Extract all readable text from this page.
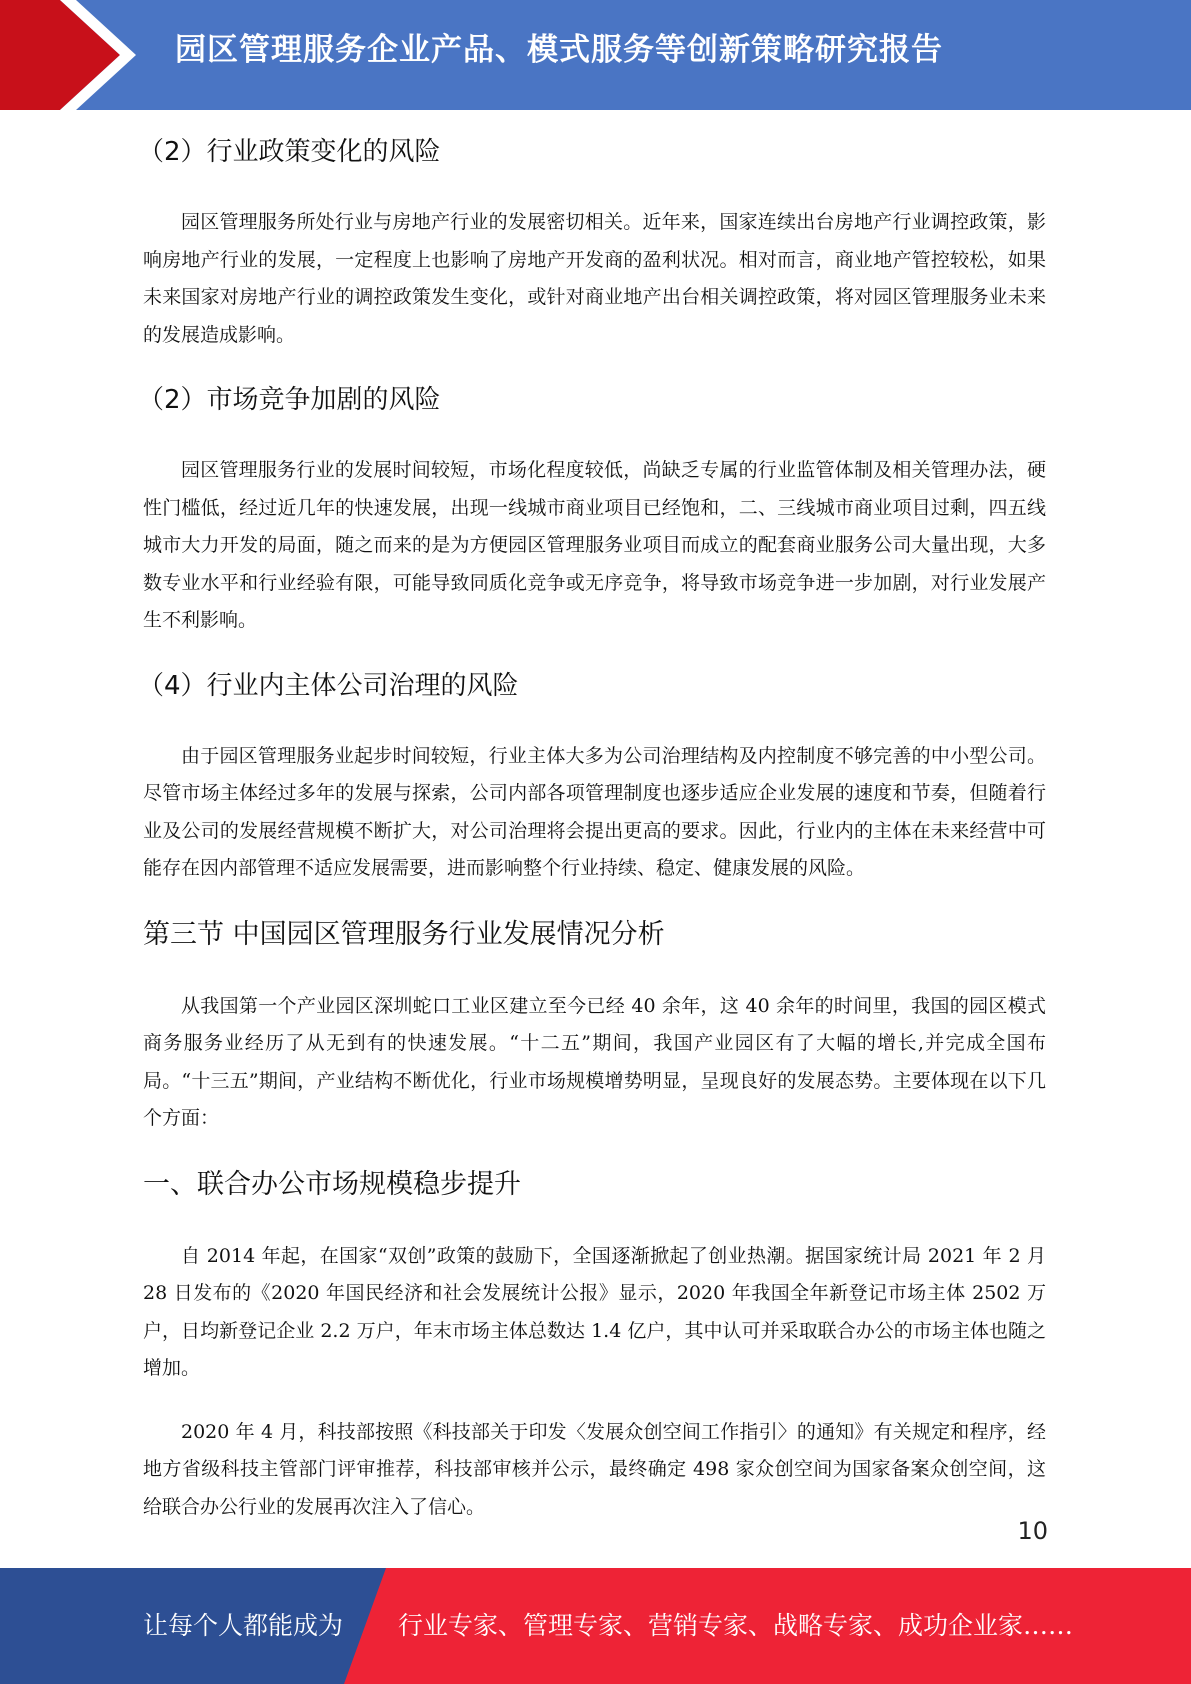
园区管理服务企业产品、模式服务等创新策略研究报告
（2）行业政策变化的风险

园区管理服务所处行业与房地产行业的发展密切相关。近年来，国家连续出台房地产行业调控政策，影响房地产行业的发展，一定程度上也影响了房地产开发商的盈利状况。相对而言，商业地产管控较松，如果未来国家对房地产行业的调控政策发生变化，或针对商业地产出台相关调控政策，将对园区管理服务业未来的发展造成影响。

（2）市场竞争加剧的风险

园区管理服务行业的发展时间较短，市场化程度较低，尚缺乏专属的行业监管体制及相关管理办法，硬性门槛低，经过近几年的快速发展，出现一线城市商业项目已经饱和，二、三线城市商业项目过剩，四五线城市大力开发的局面，随之而来的是为方便园区管理服务业项目而成立的配套商业服务公司大量出现，大多数专业水平和行业经验有限，可能导致同质化竞争或无序竞争，将导致市场竞争进一步加剧，对行业发展产生不利影响。

（4）行业内主体公司治理的风险

由于园区管理服务业起步时间较短，行业主体大多为公司治理结构及内控制度不够完善的中小型公司。尽管市场主体经过多年的发展与探索，公司内部各项管理制度也逐步适应企业发展的速度和节奏，但随着行业及公司的发展经营规模不断扩大，对公司治理将会提出更高的要求。因此，行业内的主体在未来经营中可能存在因内部管理不适应发展需要，进而影响整个行业持续、稳定、健康发展的风险。

第三节 中国园区管理服务行业发展情况分析

从我国第一个产业园区深圳蛇口工业区建立至今已经 40 余年，这 40 余年的时间里，我国的园区模式商务服务业经历了从无到有的快速发展。“十二五”期间，我国产业园区有了大幅的增长,并完成全国布局。“十三五”期间，产业结构不断优化，行业市场规模增势明显，呈现良好的发展态势。主要体现在以下几个方面：

一、联合办公市场规模稳步提升

自 2014 年起，在国家“双创”政策的鼓励下，全国逐渐掀起了创业热潮。据国家统计局 2021 年 2 月 28 日发布的《2020 年国民经济和社会发展统计公报》显示，2020 年我国全年新登记市场主体 2502 万户，日均新登记企业 2.2 万户，年末市场主体总数达 1.4 亿户，其中认可并采取联合办公的市场主体也随之增加。

2020 年 4 月，科技部按照《科技部关于印发〈发展众创空间工作指引〉的通知》有关规定和程序，经地方省级科技主管部门评审推荐，科技部审核并公示，最终确定 498 家众创空间为国家备案众创空间，这给联合办公行业的发展再次注入了信心。

10
让每个人都能成为 行业专家、管理专家、营销专家、战略专家、成功企业家……
